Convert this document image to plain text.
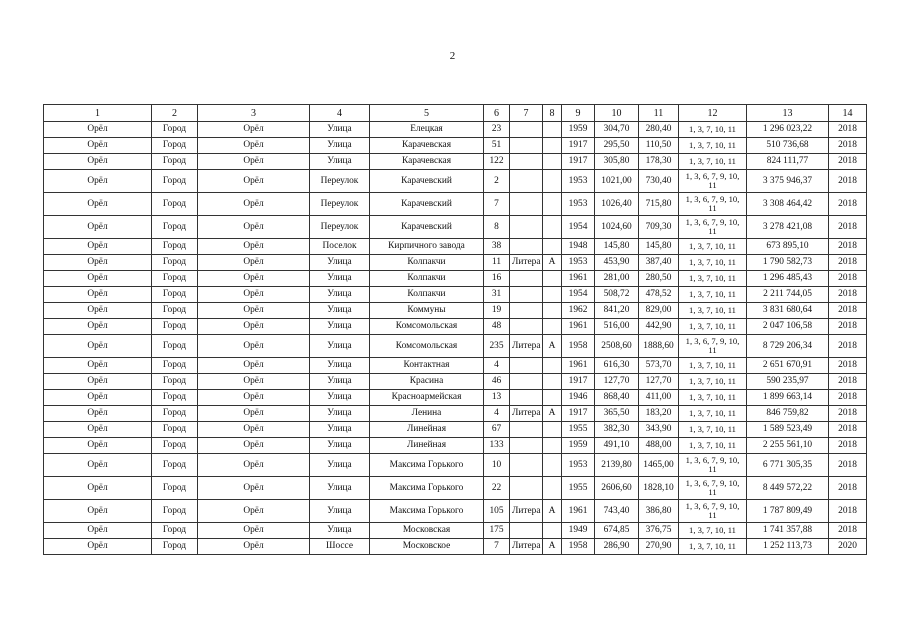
2
1	2	3	4	5	6	7	8	9	10	11	12	13	14
Орёл	Город	Орёл	Улица	Елецкая	23			1959	304,70	280,40	1, 3, 7, 10, 11	1 296 023,22	2018
Орёл	Город	Орёл	Улица	Карачевская	51			1917	295,50	110,50	1, 3, 7, 10, 11	510 736,68	2018
Орёл	Город	Орёл	Улица	Карачевская	122			1917	305,80	178,30	1, 3, 7, 10, 11	824 111,77	2018
Орёл	Город	Орёл	Переулок	Карачевский	2			1953	1021,00	730,40	1, 3, 6, 7, 9, 10, 11	3 375 946,37	2018
Орёл	Город	Орёл	Переулок	Карачевский	7			1953	1026,40	715,80	1, 3, 6, 7, 9, 10, 11	3 308 464,42	2018
Орёл	Город	Орёл	Переулок	Карачевский	8			1954	1024,60	709,30	1, 3, 6, 7, 9, 10, 11	3 278 421,08	2018
Орёл	Город	Орёл	Поселок	Кирпичного завода	38			1948	145,80	145,80	1, 3, 7, 10, 11	673 895,10	2018
Орёл	Город	Орёл	Улица	Колпакчи	11	Литера	А	1953	453,90	387,40	1, 3, 7, 10, 11	1 790 582,73	2018
Орёл	Город	Орёл	Улица	Колпакчи	16			1961	281,00	280,50	1, 3, 7, 10, 11	1 296 485,43	2018
Орёл	Город	Орёл	Улица	Колпакчи	31			1954	508,72	478,52	1, 3, 7, 10, 11	2 211 744,05	2018
Орёл	Город	Орёл	Улица	Коммуны	19			1962	841,20	829,00	1, 3, 7, 10, 11	3 831 680,64	2018
Орёл	Город	Орёл	Улица	Комсомольская	48			1961	516,00	442,90	1, 3, 7, 10, 11	2 047 106,58	2018
Орёл	Город	Орёл	Улица	Комсомольская	235	Литера	А	1958	2508,60	1888,60	1, 3, 6, 7, 9, 10, 11	8 729 206,34	2018
Орёл	Город	Орёл	Улица	Контактная	4			1961	616,30	573,70	1, 3, 7, 10, 11	2 651 670,91	2018
Орёл	Город	Орёл	Улица	Красина	46			1917	127,70	127,70	1, 3, 7, 10, 11	590 235,97	2018
Орёл	Город	Орёл	Улица	Красноармейская	13			1946	868,40	411,00	1, 3, 7, 10, 11	1 899 663,14	2018
Орёл	Город	Орёл	Улица	Ленина	4	Литера	А	1917	365,50	183,20	1, 3, 7, 10, 11	846 759,82	2018
Орёл	Город	Орёл	Улица	Линейная	67			1955	382,30	343,90	1, 3, 7, 10, 11	1 589 523,49	2018
Орёл	Город	Орёл	Улица	Линейная	133			1959	491,10	488,00	1, 3, 7, 10, 11	2 255 561,10	2018
Орёл	Город	Орёл	Улица	Максима Горького	10			1953	2139,80	1465,00	1, 3, 6, 7, 9, 10, 11	6 771 305,35	2018
Орёл	Город	Орёл	Улица	Максима Горького	22			1955	2606,60	1828,10	1, 3, 6, 7, 9, 10, 11	8 449 572,22	2018
Орёл	Город	Орёл	Улица	Максима Горького	105	Литера	А	1961	743,40	386,80	1, 3, 6, 7, 9, 10, 11	1 787 809,49	2018
Орёл	Город	Орёл	Улица	Московская	175			1949	674,85	376,75	1, 3, 7, 10, 11	1 741 357,88	2018
Орёл	Город	Орёл	Шоссе	Московское	7	Литера	А	1958	286,90	270,90	1, 3, 7, 10, 11	1 252 113,73	2020
